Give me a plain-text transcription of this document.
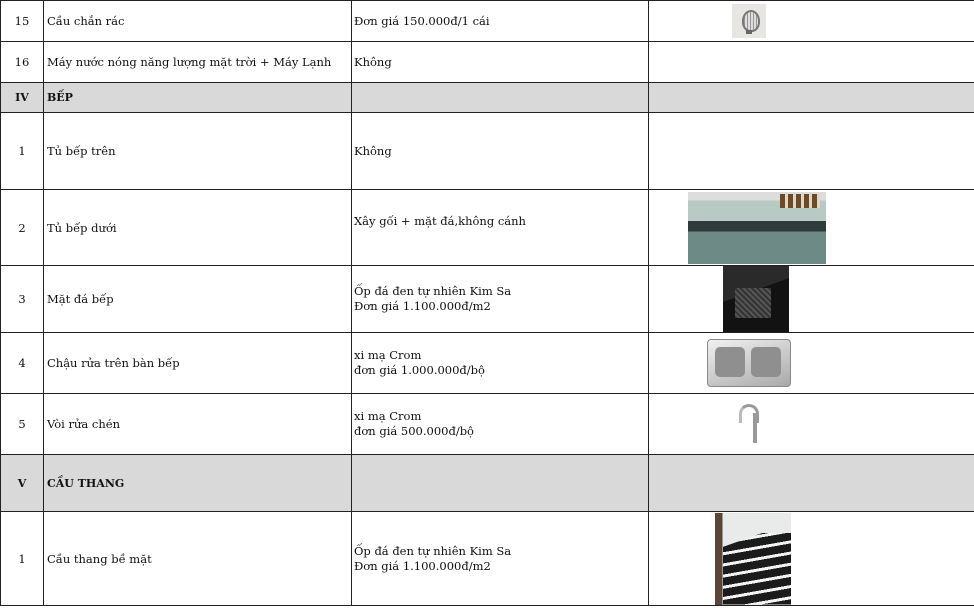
15	Cầu chắn rác	Đơn giá 150.000đ/1 cái	
16	Máy nước nóng năng lượng mặt trời + Máy Lạnh	Không	
IV	BẾP		
1	Tủ bếp trên	Không	
2	Tủ bếp dưới	Xây gối + mặt đá,không cánh	
3	Mặt đá bếp	Ốp đá đen tự nhiên Kim Sa
Đơn giá 1.100.000đ/m2	

4	Chậu rửa trên bàn bếp	xi mạ Crom
đơn giá 1.000.000đ/bộ	

5	Vòi rửa chén	xi mạ Crom
đơn giá 500.000đ/bộ	

V	CẦU THANG		
1	Cầu thang bề mặt	Ốp đá đen tự nhiên Kim Sa
Đơn giá 1.100.000đ/m2	
